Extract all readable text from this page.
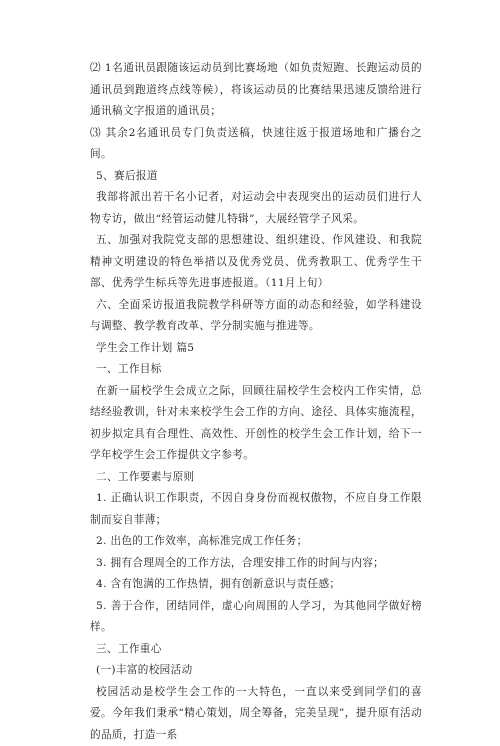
⑵ 1名通讯员跟随该运动员到比赛场地（如负责短跑、长跑运动员的通讯员到跑道终点线等候），将该运动员的比赛结果迅速反馈给进行通讯稿文字报道的通讯员；

⑶ 其余2名通讯员专门负责送稿，快速往返于报道场地和广播台之间。

5、赛后报道

我部将派出若干名小记者，对运动会中表现突出的运动员们进行人物专访，做出“经管运动健儿特辑”，大展经管学子风采。

五、加强对我院党支部的思想建设、组织建设、作风建设、和我院精神文明建设的特色举措以及优秀党员、优秀教职工、优秀学生干部、优秀学生标兵等先进事迹报道。（11月上旬）

六、全面采访报道我院教学科研等方面的动态和经验，如学科建设与调整、教学教育改革、学分制实施与推进等。

学生会工作计划 篇5

一、工作目标

在新一届校学生会成立之际，回顾往届校学生会校内工作实情，总结经验教训，针对未来校学生会工作的方向、途径、具体实施流程，初步拟定具有合理性、高效性、开创性的校学生会工作计划，给下一学年校学生会工作提供文字参考。

二、工作要素与原则

1. 正确认识工作职责，不因自身身份而视权傲物，不应自身工作限制而妄自菲薄；

2. 出色的工作效率，高标准完成工作任务；

3. 拥有合理周全的工作方法，合理安排工作的时间与内容；

4. 含有饱满的工作热情，拥有创新意识与责任感；

5. 善于合作，团结同伴，虚心向周围的人学习，为其他同学做好榜样。

三、工作重心

(一)丰富的校园活动

校园活动是校学生会工作的一大特色，一直以来受到同学们的喜爱。今年我们秉承“精心策划，周全筹备，完美呈现”，提升原有活动的品质，打造一系
